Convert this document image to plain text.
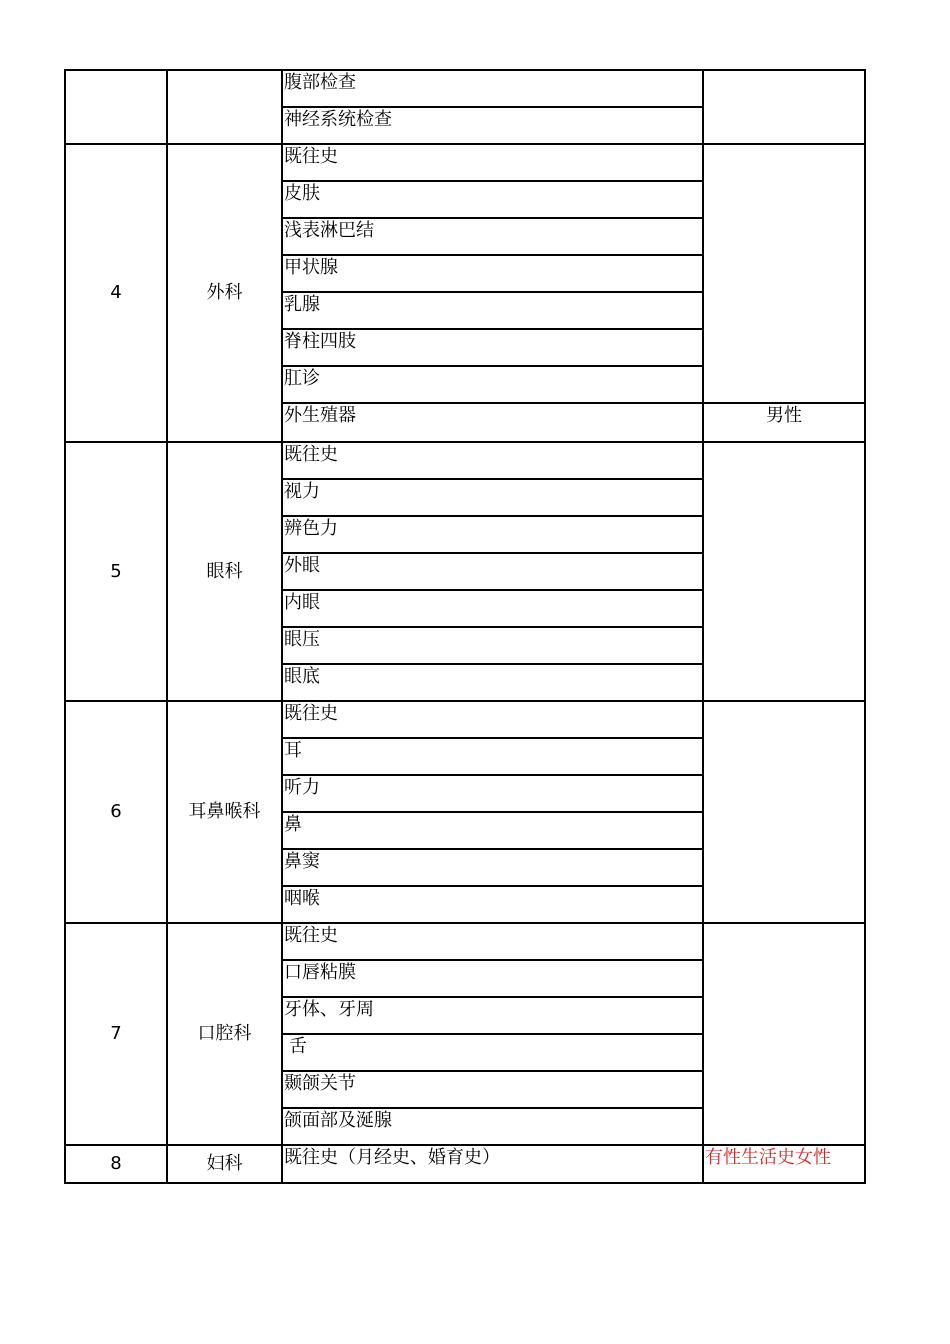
		腹部检查	
		神经系统检查	
4	外科	既往史	
		皮肤	
		浅表淋巴结	
		甲状腺	
		乳腺	
		脊柱四肢	
		肛诊	
		外生殖器	男性
5	眼科	既往史	
		视力	
		辨色力	
		外眼	
		内眼	
		眼压	
		眼底	
6	耳鼻喉科	既往史	
		耳	
		听力	
		鼻	
		鼻窦	
		咽喉	
7	口腔科	既往史	
		口唇粘膜	
		牙体、牙周	
		舌	
		颞颌关节	
		颌面部及涎腺	
8	妇科	既往史（月经史、婚育史）	有性生活史女性
